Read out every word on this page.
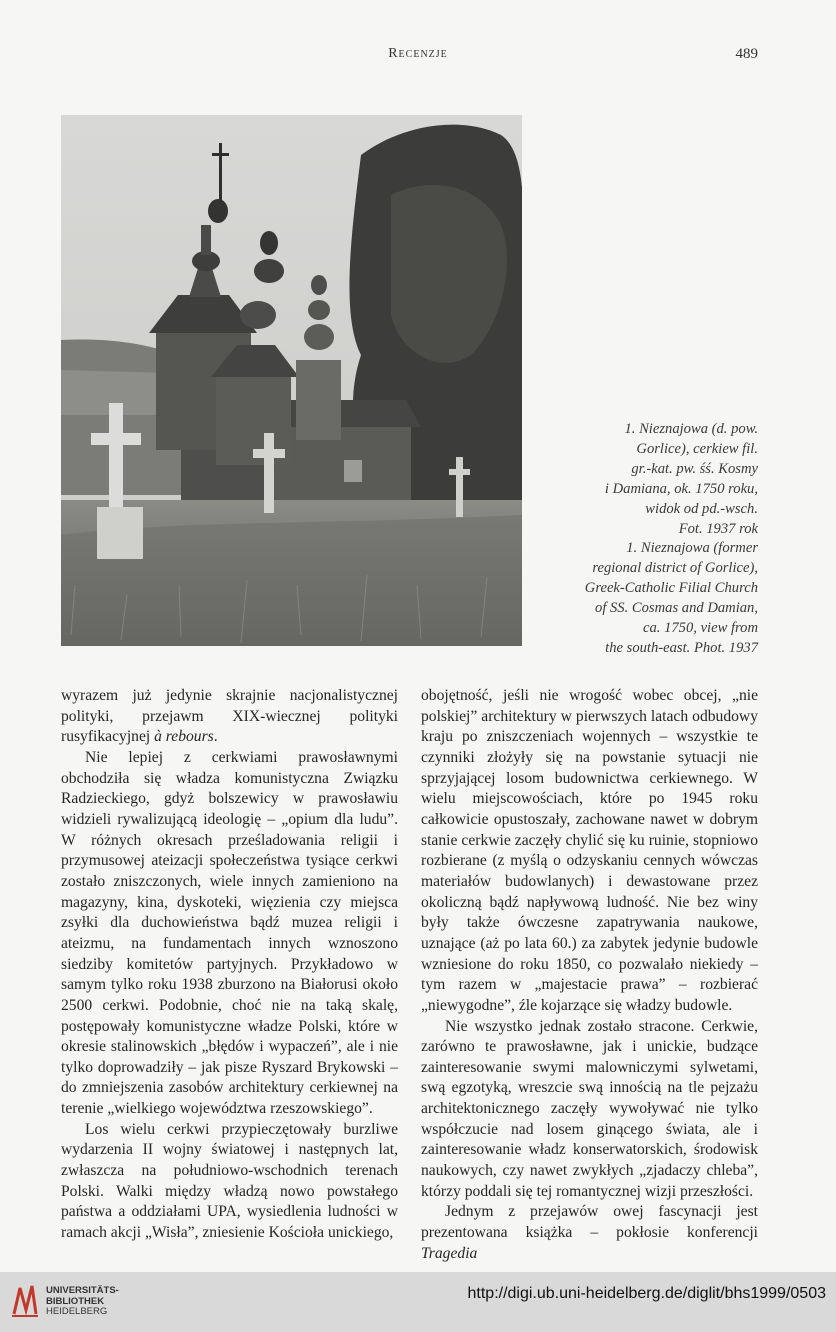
Recenzje	489

1. Nieznajowa (d. pow.

Gorlice), cerkiew fil.

gr.-kat. pw. śś. Kosmy

i Damiana, ok. 1750 roku,

widok od pd.-wsch.

Fot. 1937 rok

1. Nieznajowa (former

regional district of Gorlice),

Greek-Catholic Filial Church

of SS. Cosmas and Damian,

ca. 1750, view from

the south-east. Phot. 1937

wyrazem już jedynie skrajnie nacjonalistycznej polityki, przejawm XIX-wiecznej polityki rusyfikacyjnej à rebours.

Nie lepiej z cerkwiami prawosławnymi obchodziła się władza komunistyczna Związku Radzieckiego, gdyż bolszewicy w prawosławiu widzieli rywalizującą ideologię – „opium dla ludu”. W różnych okresach prześladowania religii i przymusowej ateizacji społeczeństwa tysiące cerkwi zostało zniszczonych, wiele innych zamieniono na magazyny, kina, dyskoteki, więzienia czy miejsca zsyłki dla duchowieństwa bądź muzea religii i ateizmu, na fundamentach innych wznoszono siedziby komitetów partyjnych. Przykładowo w samym tylko roku 1938 zburzono na Białorusi około 2500 cerkwi. Podobnie, choć nie na taką skalę, postępowały komunistyczne władze Polski, które w okresie stalinowskich „błędów i wypaczeń”, ale i nie tylko doprowadziły – jak pisze Ryszard Brykowski – do zmniejszenia zasobów architektury cerkiewnej na terenie „wielkiego województwa rzeszowskiego”.

Los wielu cerkwi przypieczętowały burzliwe wydarzenia II wojny światowej i następnych lat, zwłaszcza na południowo-wschodnich terenach Polski. Walki między władzą nowo powstałego państwa a oddziałami UPA, wysiedlenia ludności w ramach akcji „Wisła”, zniesienie Kościoła unickiego,

obojętność, jeśli nie wrogość wobec obcej, „nie polskiej” architektury w pierwszych latach odbudowy kraju po zniszczeniach wojennych – wszystkie te czynniki złożyły się na powstanie sytuacji nie sprzyjającej losom budownictwa cerkiewnego. W wielu miejscowościach, które po 1945 roku całkowicie opustoszały, zachowane nawet w dobrym stanie cerkwie zaczęły chylić się ku ruinie, stopniowo rozbierane (z myślą o odzyskaniu cennych wówczas materiałów budowlanych) i dewastowane przez okoliczną bądź napływową ludność. Nie bez winy były także ówczesne zapatrywania naukowe, uznające (aż po lata 60.) za zabytek jedynie budowle wzniesione do roku 1850, co pozwalało niekiedy – tym razem w „majestacie prawa” – rozbierać „niewygodne”, źle kojarzące się władzy budowle.

Nie wszystko jednak zostało stracone. Cerkwie, zarówno te prawosławne, jak i unickie, budzące zainteresowanie swymi malowniczymi sylwetami, swą egzotyką, wreszcie swą innością na tle pejzażu architektonicznego zaczęły wywoływać nie tylko współczucie nad losem ginącego świata, ale i zainteresowanie władz konserwatorskich, środowisk naukowych, czy nawet zwykłych „zjadaczy chleba”, którzy poddali się tej romantycznej wizji przeszłości.

Jednym z przejawów owej fascynacji jest prezentowana książka – pokłosie konferencji Tragedia

UNIVERSITÄTS-
BIBLIOTHEK
HEIDELBERG
http://digi.ub.uni-heidelberg.de/diglit/bhs1999/0503
